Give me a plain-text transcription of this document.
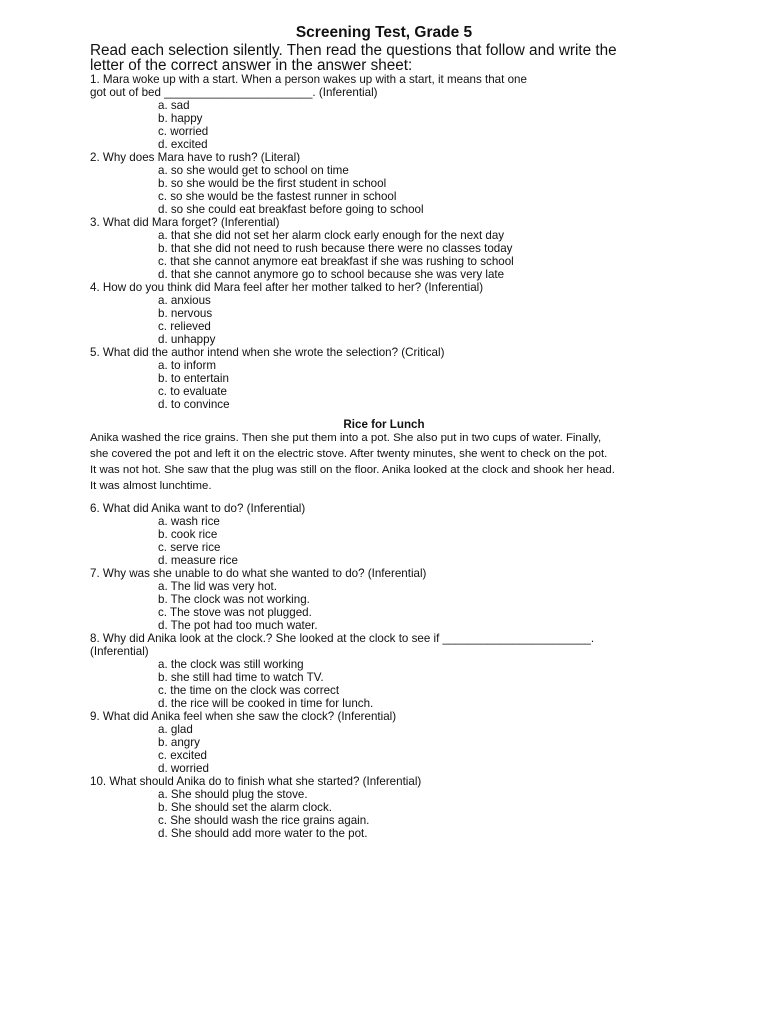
Screening Test, Grade 5
Read each selection silently. Then read the questions that follow and write the
letter of the correct answer in the answer sheet:

1. Mara woke up with a start. When a person wakes up with a start, it means that one

got out of bed _______________________. (Inferential)

a. sad

b. happy

c. worried

d. excited

2. Why does Mara have to rush? (Literal)

a. so she would get to school on time

b. so she would be the first student in school

c. so she would be the fastest runner in school

d. so she could eat breakfast before going to school

3. What did Mara forget? (Inferential)

a. that she did not set her alarm clock early enough for the next day

b. that she did not need to rush because there were no classes today

c. that she cannot anymore eat breakfast if she was rushing to school

d. that she cannot anymore go to school because she was very late

4. How do you think did Mara feel after her mother talked to her? (Inferential)

a. anxious

b. nervous

c. relieved

d. unhappy

5. What did the author intend when she wrote the selection? (Critical)

a. to inform

b. to entertain

c. to evaluate

d. to convince

Rice for Lunch
Anika washed the rice grains. Then she put them into a pot. She also put in two cups of water. Finally,
she covered the pot and left it on the electric stove. After twenty minutes, she went to check on the pot.
It was not hot. She saw that the plug was still on the floor. Anika looked at the clock and shook her head.
It was almost lunchtime.

6. What did Anika want to do? (Inferential)

a. wash rice

b. cook rice

c. serve rice

d. measure rice

7. Why was she unable to do what she wanted to do? (Inferential)

a. The lid was very hot.

b. The clock was not working.

c. The stove was not plugged.

d. The pot had too much water.

8. Why did Anika look at the clock.? She looked at the clock to see if _______________________.

(Inferential)

a. the clock was still working

b. she still had time to watch TV.

c. the time on the clock was correct

d. the rice will be cooked in time for lunch.

9. What did Anika feel when she saw the clock? (Inferential)

a. glad

b. angry

c. excited

d. worried

10. What should Anika do to finish what she started? (Inferential)

a. She should plug the stove.

b. She should set the alarm clock.

c. She should wash the rice grains again.

d. She should add more water to the pot.
